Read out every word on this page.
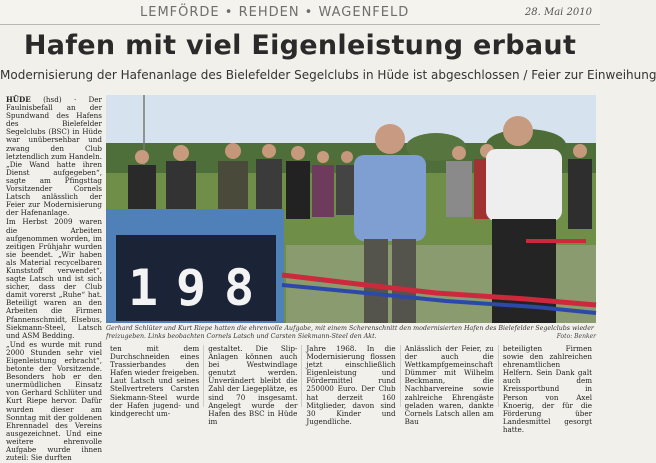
LEMFÖRDE • REHDEN • WAGENFELD	28. Mai 2010
Hafen mit viel Eigenleistung erbaut
Modernisierung der Hafenanlage des Bielefelder Segelclubs in Hüde ist abgeschlossen / Feier zur Einweihung
HÜDE (hsd) · Der Faulnisbefall an der Spundwand des Hafens des Bielefelder Segelclubs (BSC) in Hüde war unübersehbar und zwang den Club letztendlich zum Handeln. „Die Wand hatte ihren Dienst aufgegeben“, sagte am Pfingsttag Vorsitzender Cornels Latsch anlässlich der Feier zur Modernisierung der Hafenanlage.
Im Herbst 2009 waren die Arbeiten aufgenommen worden, im zeitigen Frühjahr wurden sie beendet. „Wir haben als Material recycelbaren Kunststoff verwendet“, sagte Latsch und ist sich sicher, dass der Club damit vorerst „Ruhe“ hat. Beteiligt waren an den Arbeiten die Firmen Pfannenschmidt, Elsebus, Siekmann-Steel, Latsch und ASM Bedding.
„Und es wurde mit rund 2000 Stunden sehr viel Eigenleistung erbracht“, betonte der Vorsitzende. Besonders hob er den unermüdlichen Einsatz von Gerhard Schlüter und Kurt Riepe hervor. Dafür wurden dieser am Sonntag mit der goldenen Ehrennadel des Vereins ausgezeichnet. Und eine weitere ehrenvolle Aufgabe wurde ihnen zuteil: Sie durften
1 9 8
Gerhard Schlüter und Kurt Riepe hatten die ehrenvolle Aufgabe, mit einem Scherenschnitt den modernisierten Hafen des Bielefelder Segelclubs wieder freizugeben. Links beobachten Cornels Latsch und Carsten Siekmann-Steel den Akt.	Foto: Benker
ten mit dem Durchschneiden eines Trassierbandes den Hafen wieder freigeben. Laut Latsch und seines Stellvertreters Carsten Siekmann-Steel wurde der Hafen jugend- und kindgerecht um-
gestaltet. Die Slip-Anlagen können auch bei Westwindlage genutzt werden. Unverändert bleibt die Zahl der Liegeplätze, es sind 70 insgesamt. Angelegt wurde der Hafen des BSC in Hüde im
Jahre 1968. In die Modernisierung flossen jetzt einschließlich Eigenleistung und Fördermittel rund 250000 Euro. Der Club hat derzeit 160 Mitglieder, davon sind 30 Kinder und Jugendliche.
Anlässlich der Feier, zu der auch die Wettkampfgemeinschaft Dümmer mit Wilhelm Beckmann, die Nachbarvereine sowie zahlreiche Ehrengäste geladen waren, dankte Cornels Latsch allen am Bau
beteiligten Firmen sowie den zahlreichen ehrenamtlichen Helfern. Sein Dank galt auch dem Kreissportbund in Person von Axel Knoerig, der für die Förderung über Landesmittel gesorgt hatte.
